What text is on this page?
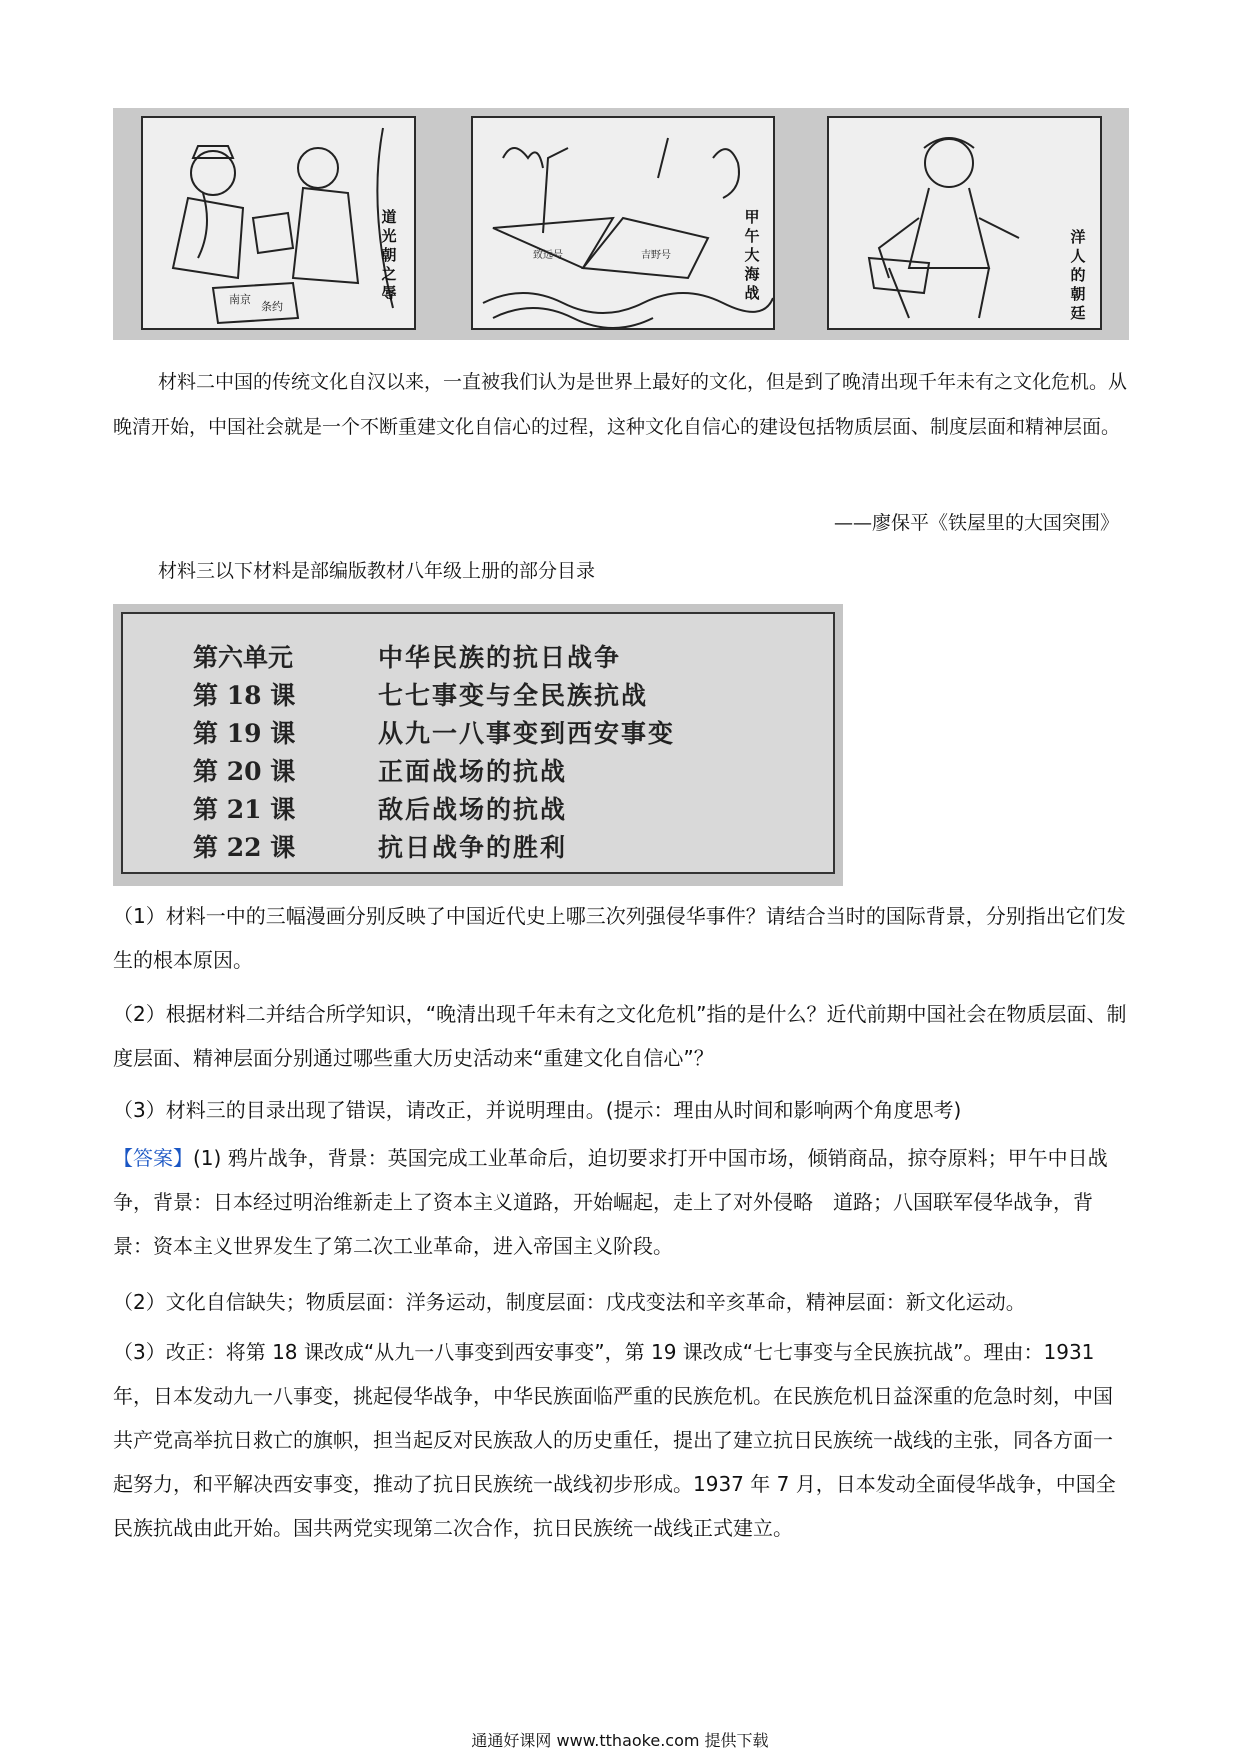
南京
条约
道光朝之辱
致远号	吉野号
甲午大海战
洋人的朝廷

材料二中国的传统文化自汉以来，一直被我们认为是世界上最好的文化，但是到了晚清出现千年未有之文化危机。从晚清开始，中国社会就是一个不断重建文化自信心的过程，这种文化自信心的建设包括物质层面、制度层面和精神层面。

——廖保平《铁屋里的大国突围》
材料三以下材料是部编版教材八年级上册的部分目录
第六单元	中华民族的抗日战争
第 18 课	七七事变与全民族抗战
第 19 课	从九一八事变到西安事变
第 20 课	正面战场的抗战
第 21 课	敌后战场的抗战
第 22 课	抗日战争的胜利

（1）材料一中的三幅漫画分别反映了中国近代史上哪三次列强侵华事件？请结合当时的国际背景，分别指出它们发生的根本原因。

（2）根据材料二并结合所学知识，“晚清出现千年未有之文化危机”指的是什么？近代前期中国社会在物质层面、制度层面、精神层面分别通过哪些重大历史活动来“重建文化自信心”？

（3）材料三的目录出现了错误，请改正，并说明理由。(提示：理由从时间和影响两个角度思考)

【答案】(1) 鸦片战争，背景：英国完成工业革命后，迫切要求打开中国市场，倾销商品，掠夺原料；甲午中日战争，背景：日本经过明治维新走上了资本主义道路，开始崛起，走上了对外侵略　道路；八国联军侵华战争，背景：资本主义世界发生了第二次工业革命，进入帝国主义阶段。

（2）文化自信缺失；物质层面：洋务运动，制度层面：戊戌变法和辛亥革命，精神层面：新文化运动。

（3）改正：将第 18 课改成“从九一八事变到西安事变”，第 19 课改成“七七事变与全民族抗战”。理由：1931 年，日本发动九一八事变，挑起侵华战争，中华民族面临严重的民族危机。在民族危机日益深重的危急时刻，中国共产党高举抗日救亡的旗帜，担当起反对民族敌人的历史重任，提出了建立抗日民族统一战线的主张，同各方面一起努力，和平解决西安事变，推动了抗日民族统一战线初步形成。1937 年 7 月，日本发动全面侵华战争，中国全民族抗战由此开始。国共两党实现第二次合作，抗日民族统一战线正式建立。

通通好课网 www.tthaoke.com 提供下载
